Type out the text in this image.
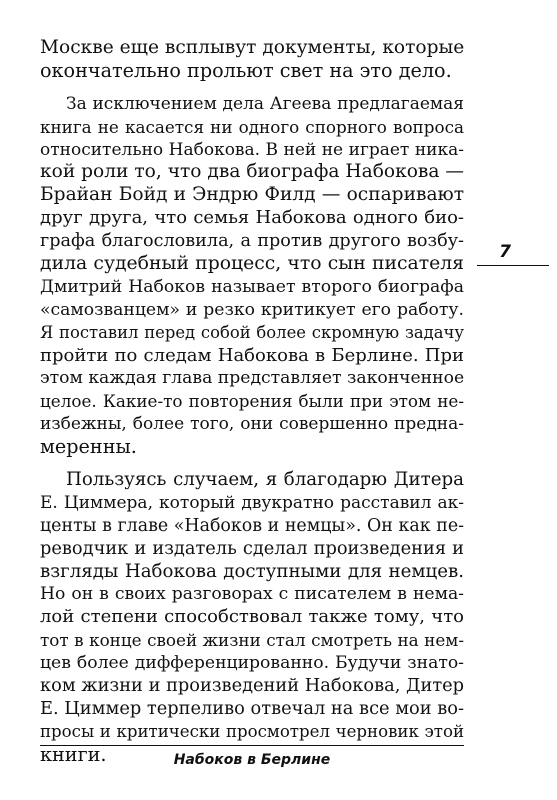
Москве еще всплывут документы, которые
окончательно прольют свет на это дело.

За исключением дела Агеева предлагаемая
книга не касается ни одного спорного вопроса
относительно Набокова. В ней не играет ника-
кой роли то, что два биографа Набокова —
Брайан Бойд и Эндрю Филд — оспаривают
друг друга, что семья Набокова одного био-
графа благословила, а против другого возбу-
дила судебный процесс, что сын писателя
Дмитрий Набоков называет второго биографа
«самозванцем» и резко критикует его работу.
Я поставил перед собой более скромную задачу
пройти по следам Набокова в Берлине. При
этом каждая глава представляет законченное
целое. Какие-то повторения были при этом не-
избежны, более того, они совершенно предна-
меренны.

Пользуясь случаем, я благодарю Дитера
Е. Циммера, который двукратно расставил ак-
центы в главе «Набоков и немцы». Он как пе-
реводчик и издатель сделал произведения и
взгляды Набокова доступными для немцев.
Но он в своих разговорах с писателем в нема-
лой степени способствовал также тому, что
тот в конце своей жизни стал смотреть на нем-
цев более дифференцированно. Будучи знато-
ком жизни и произведений Набокова, Дитер
Е. Циммер терпеливо отвечал на все мои во-
просы и критически просмотрел черновик этой
книги.

7
Набоков в Берлине
